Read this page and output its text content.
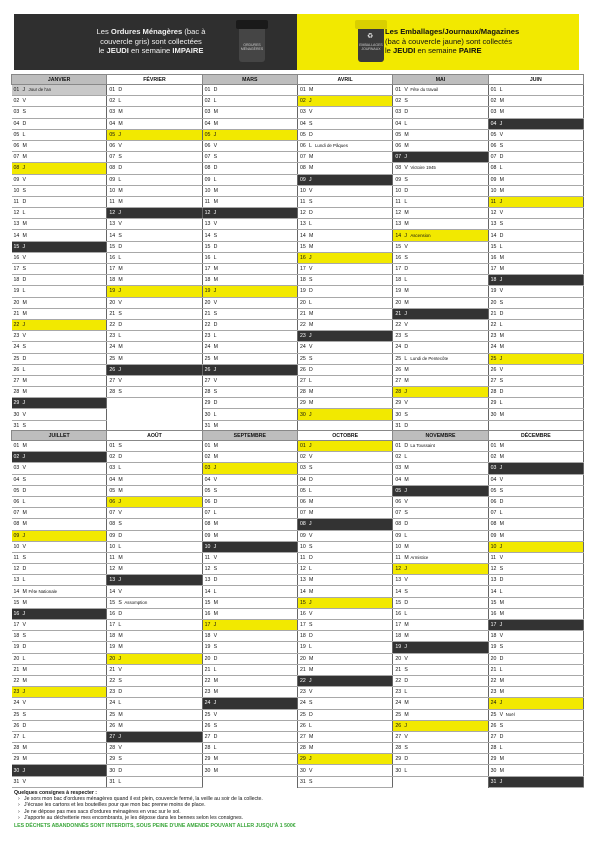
Les Ordures Ménagères (bac à
couvercle gris) sont collectées
le JEUDI en semaine IMPAIRE
ORDURES MÉNAGÈRES
♻
EMBALLAGES JOURNAUX
Les Emballages/Journaux/Magazines
(bac à couvercle jaune) sont collectés
le JEUDI en semaine PAIRE
JANVIER	FÉVRIER	MARS	AVRIL	MAI	JUIN
01 J Jour de l'an	01 D	01 D	01 M	01 V Fête du travail	01 L
02 V	02 L	02 L	02 J	02 S	02 M
03 S	03 M	03 M	03 V	03 D	03 M
04 D	04 M	04 M	04 S	04 L	04 J
05 L	05 J	05 J	05 D	05 M	05 V
06 M	06 V	06 V	06 L Lundi de Pâques	06 M	06 S
07 M	07 S	07 S	07 M	07 J	07 D
08 J	08 D	08 D	08 M	08 V Victoire 1945	08 L
09 V	09 L	09 L	09 J	09 S	09 M
10 S	10 M	10 M	10 V	10 D	10 M
11 D	11 M	11 M	11 S	11 L	11 J
12 L	12 J	12 J	12 D	12 M	12 V
13 M	13 V	13 V	13 L	13 M	13 S
14 M	14 S	14 S	14 M	14 J Ascension	14 D
15 J	15 D	15 D	15 M	15 V	15 L
16 V	16 L	16 L	16 J	16 S	16 M
17 S	17 M	17 M	17 V	17 D	17 M
18 D	18 M	18 M	18 S	18 L	18 J
19 L	19 J	19 J	19 D	19 M	19 V
20 M	20 V	20 V	20 L	20 M	20 S
21 M	21 S	21 S	21 M	21 J	21 D
22 J	22 D	22 D	22 M	22 V	22 L
23 V	23 L	23 L	23 J	23 S	23 M
24 S	24 M	24 M	24 V	24 D	24 M
25 D	25 M	25 M	25 S	25 L Lundi de Pentecôte	25 J
26 L	26 J	26 J	26 D	26 M	26 V
27 M	27 V	27 V	27 L	27 M	27 S
28 M	28 S	28 S	28 M	28 J	28 D
29 J		29 D	29 M	29 V	29 L
30 V		30 L	30 J	30 S	30 M
31 S		31 M		31 D	
JUILLET	AOÛT	SEPTEMBRE	OCTOBRE	NOVEMBRE	DÉCEMBRE
01 M	01 S	01 M	01 J	01 D La Toussaint	01 M
02 J	02 D	02 M	02 V	02 L	02 M
03 V	03 L	03 J	03 S	03 M	03 J
04 S	04 M	04 V	04 D	04 M	04 V
05 D	05 M	05 S	05 L	05 J	05 S
06 L	06 J	06 D	06 M	06 V	06 D
07 M	07 V	07 L	07 M	07 S	07 L
08 M	08 S	08 M	08 J	08 D	08 M
09 J	09 D	09 M	09 V	09 L	09 M
10 V	10 L	10 J	10 S	10 M	10 J
11 S	11 M	11 V	11 D	11 M Armistice	11 V
12 D	12 M	12 S	12 L	12 J	12 S
13 L	13 J	13 D	13 M	13 V	13 D
14 M Fête Nationale	14 V	14 L	14 M	14 S	14 L
15 M	15 S Assomption	15 M	15 J	15 D	15 M
16 J	16 D	16 M	16 V	16 L	16 M
17 V	17 L	17 J	17 S	17 M	17 J
18 S	18 M	18 V	18 D	18 M	18 V
19 D	19 M	19 S	19 L	19 J	19 S
20 L	20 J	20 D	20 M	20 V	20 D
21 M	21 V	21 L	21 M	21 S	21 L
22 M	22 S	22 M	22 J	22 D	22 M
23 J	23 D	23 M	23 V	23 L	23 M
24 V	24 L	24 J	24 S	24 M	24 J
25 S	25 M	25 V	25 D	25 M	25 V Noël
26 D	26 M	26 S	26 L	26 J	26 S
27 L	27 J	27 D	27 M	27 V	27 D
28 M	28 V	28 L	28 M	28 S	28 L
29 M	29 S	29 M	29 J	29 D	29 M
30 J	30 D	30 M	30 V	30 L	30 M
31 V	31 L		31 S		31 J
Quelques consignes à respecter :
› Je sors mon bac d'ordures ménagères quand il est plein, couvercle fermé, la veille au soir de la collecte.
› J'écrase les cartons et les bouteilles pour que mon bac prenne moins de place.
› Je ne dépose pas mes sacs d'ordures ménagères en vrac sur le sol.
› J'apporte au déchetterie mes encombrants, je les dépose dans les bennes selon les consignes.
LES DÉCHETS ABANDONNÉS SONT INTERDITS, SOUS PEINE D'UNE AMENDE POUVANT ALLER JUSQU'À 1 500€
